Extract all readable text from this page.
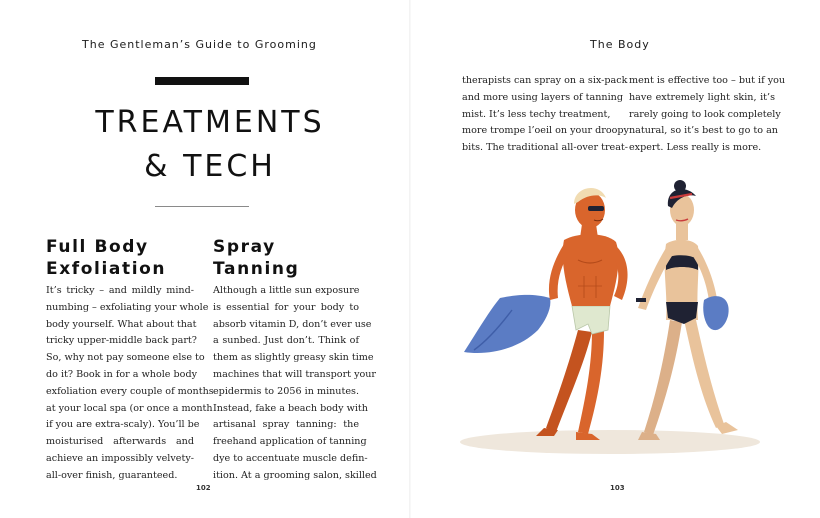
The Gentleman’s Guide to Grooming	The Body
TREATMENTS
& TECH
Full Body
Exfoliation
Spray
Tanning
It’s tricky – and mildly mind-
numbing – exfoliating your whole
body yourself. What about that
tricky upper-middle back part?
So, why not pay someone else to
do it? Book in for a whole body
exfoliation every couple of months
at your local spa (or once a month
if you are extra-scaly). You’ll be
moisturised afterwards and
achieve an impossibly velvety-
all-over finish, guaranteed.
Although a little sun exposure
is essential for your body to
absorb vitamin D, don’t ever use
a sunbed. Just don’t. Think of
them as slightly greasy skin time
machines that will transport your
epidermis to 2056 in minutes.
Instead, fake a beach body with
artisanal spray tanning: the
freehand application of tanning
dye to accentuate muscle defin-
ition. At a grooming salon, skilled
therapists can spray on a six-pack
and more using layers of tanning
mist. It’s less techy treatment,
more trompe l’oeil on your droopy
bits. The traditional all-over treat-
ment is effective too – but if you
have extremely light skin, it’s
rarely going to look completely
natural, so it’s best to go to an
expert. Less really is more.
102	103
